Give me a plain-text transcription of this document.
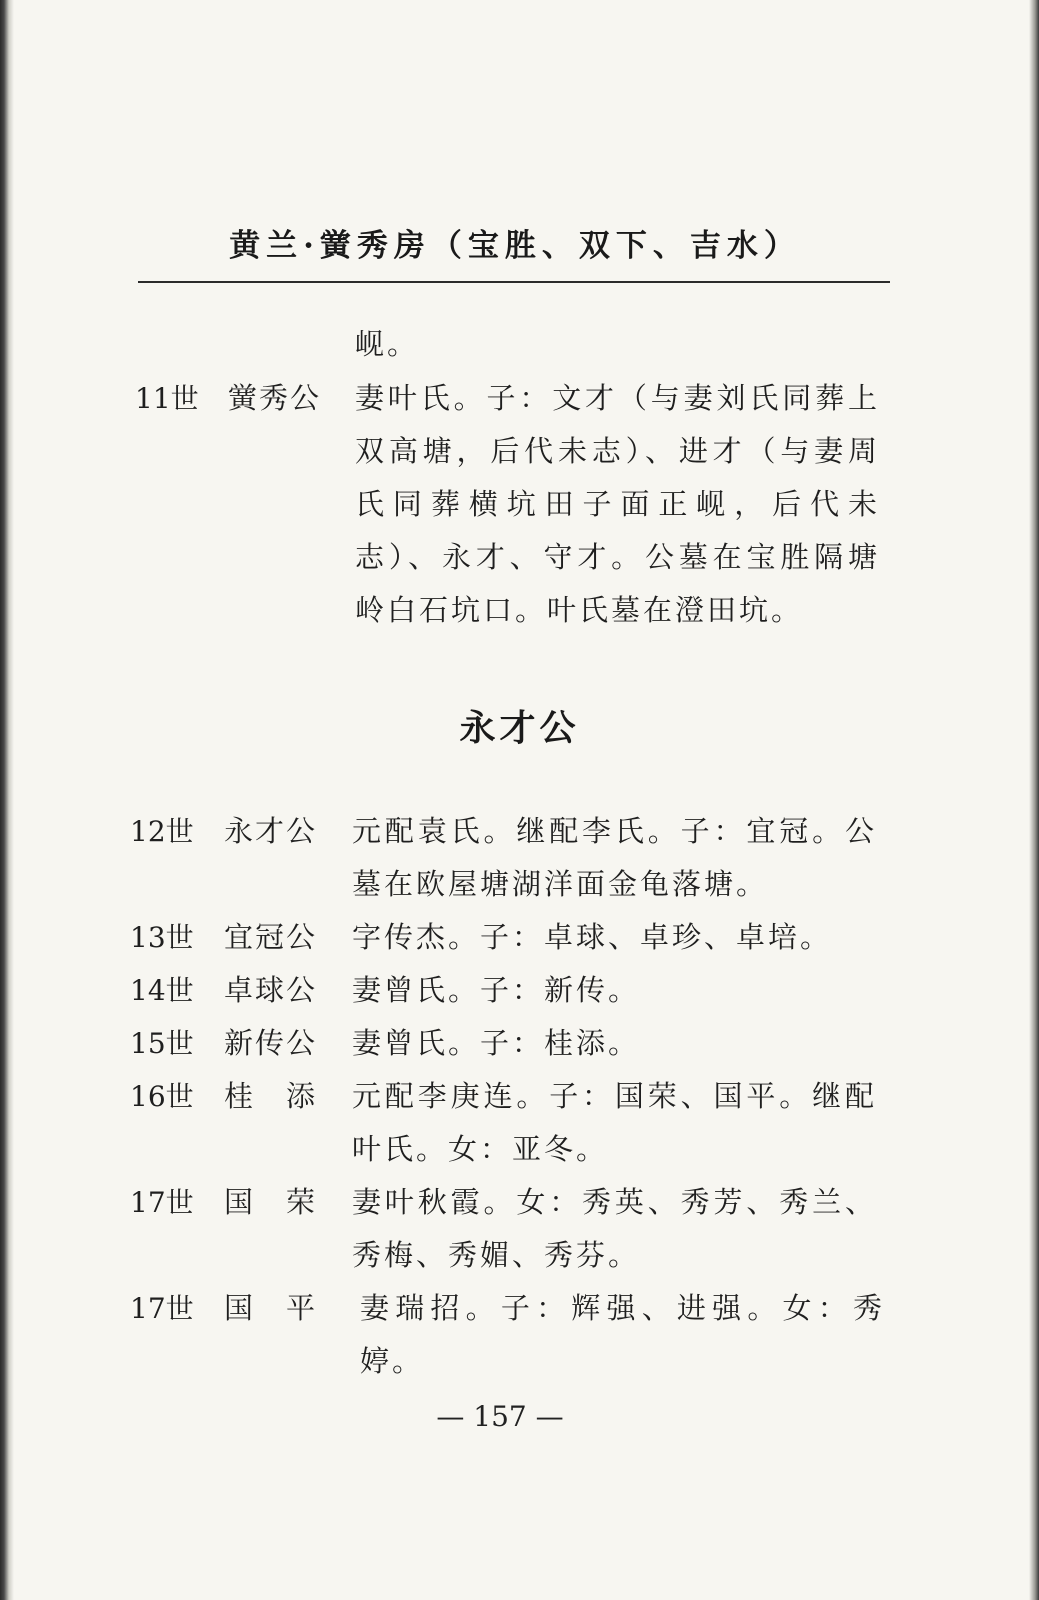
黄兰·黉秀房（宝胜、双下、吉水）
岘。
11世	黉秀公	妻叶氏。子：文才（与妻刘氏同葬上双高塘，后代未志）、进才（与妻周氏同葬横坑田子面正岘，后代未志）、永才、守才。公墓在宝胜隔塘岭白石坑口。叶氏墓在澄田坑。
永才公
12世	永才公	元配袁氏。继配李氏。子：宜冠。公墓在欧屋塘湖洋面金龟落塘。
13世	宜冠公	字传杰。子：卓球、卓珍、卓培。
14世	卓球公	妻曾氏。子：新传。
15世	新传公	妻曾氏。子：桂添。
16世	桂　添	元配李庚连。子：国荣、国平。继配叶氏。女：亚冬。
17世	国　荣	妻叶秋霞。女：秀英、秀芳、秀兰、秀梅、秀媚、秀芬。
17世	国　平	妻瑞招。子：辉强、进强。女：秀婷。
— 157 —
